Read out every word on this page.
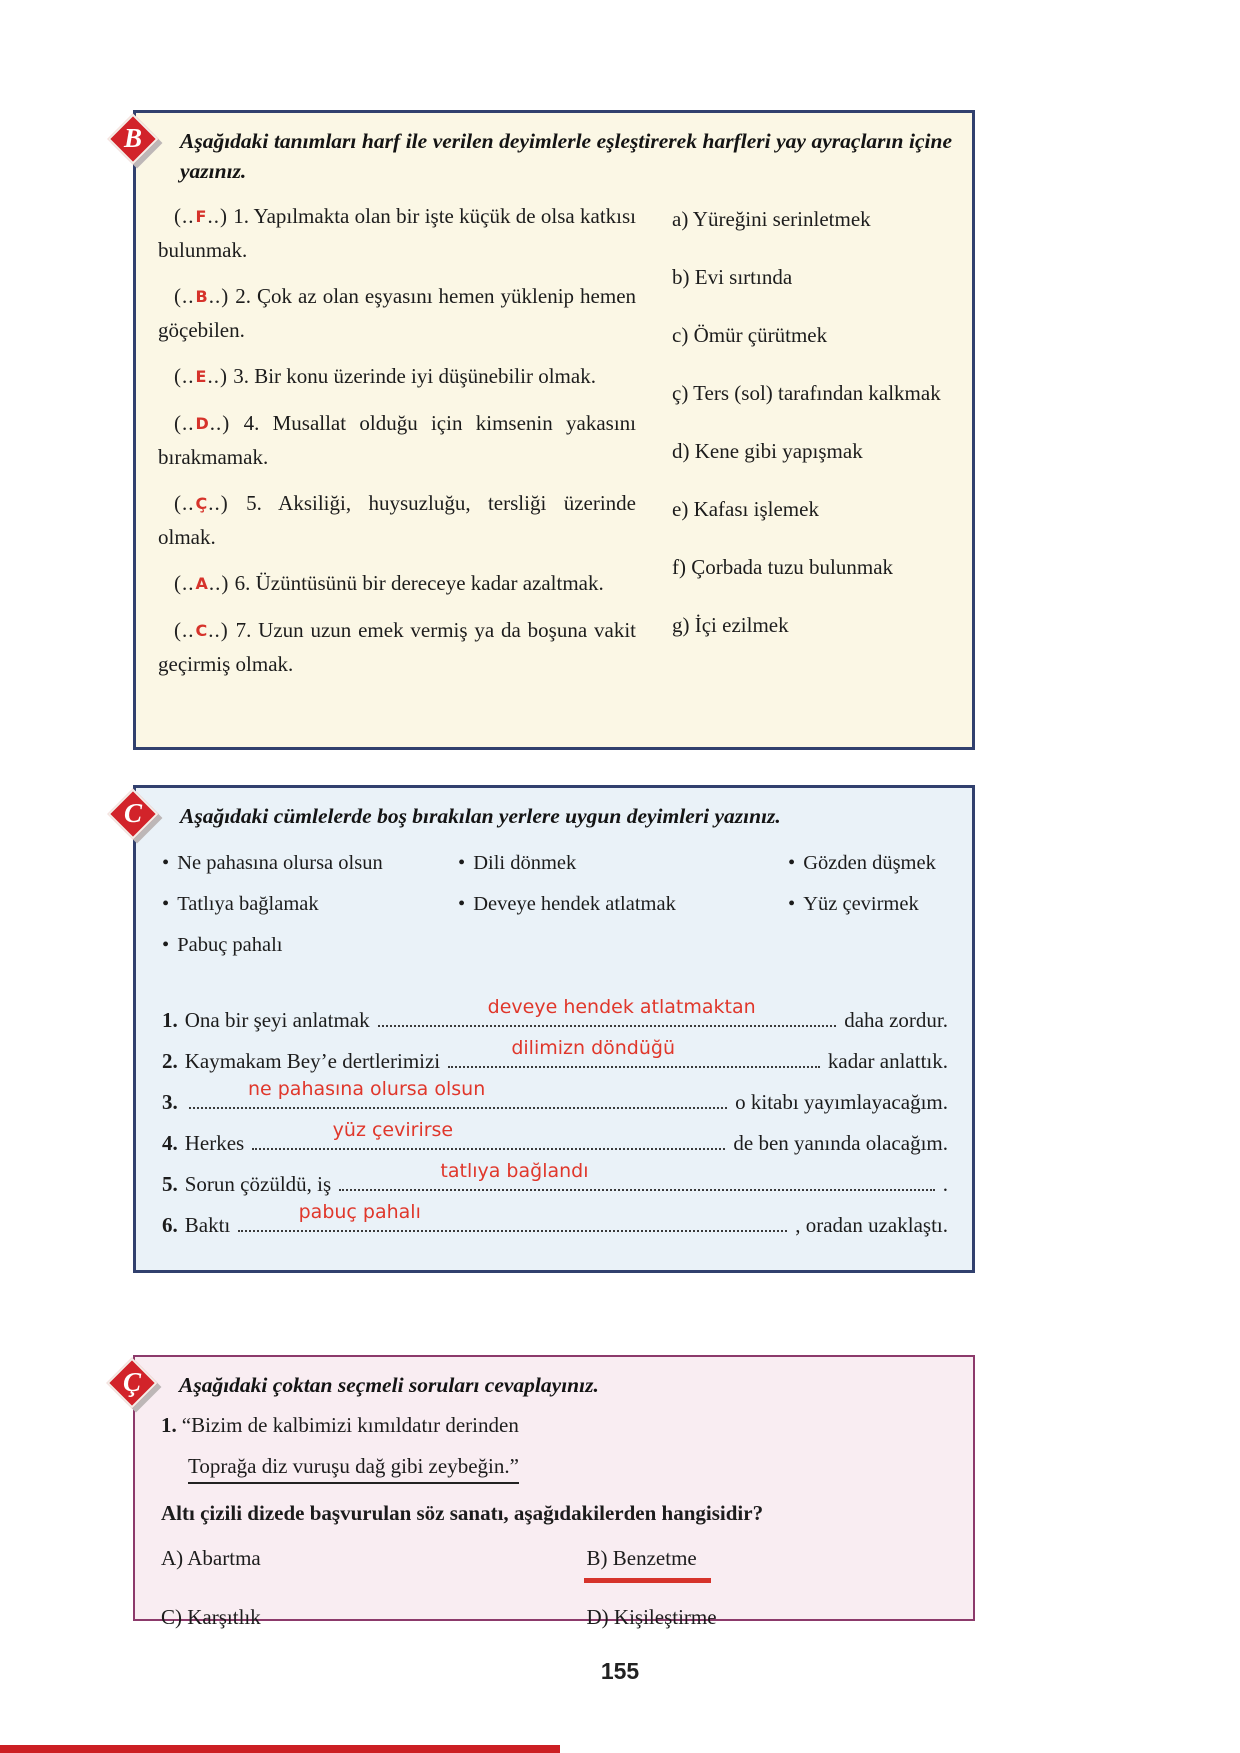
B	Aşağıdaki tanımları harf ile verilen deyimlerle eşleştirerek harfleri yay ayraçların içine yazınız.

(..F..) 1. Yapılmakta olan bir işte küçük de olsa katkısı bulunmak.

(..B..) 2. Çok az olan eşyasını hemen yüklenip hemen göçebilen.

(..E..) 3. Bir konu üzerinde iyi düşünebilir olmak.

(..D..) 4. Musallat olduğu için kimsenin yakasını bırakmamak.

(..Ç..) 5. Aksiliği, huysuzluğu, tersliği üzerinde olmak.

(..A..) 6. Üzüntüsünü bir dereceye kadar azaltmak.

(..C..) 7. Uzun uzun emek vermiş ya da boşuna vakit geçirmiş olmak.

a) Yüreğini serinletmek

b) Evi sırtında

c) Ömür çürütmek

ç) Ters (sol) tarafından kalkmak

d) Kene gibi yapışmak

e) Kafası işlemek

f) Çorbada tuzu bulunmak

g) İçi ezilmek

C	Aşağıdaki cümlelerde boş bırakılan yerlere uygun deyimleri yazınız.
• Ne pahasına olursa olsun	• Dili dönmek	• Gözden düşmek
• Tatlıya bağlamak	• Deveye hendek atlatmak	• Yüz çevirmek
• Pabuç pahalı
1. Ona bir şeyi anlatmak
deveye hendek atlatmaktan
daha zordur.
2. Kaymakam Bey’e dertlerimizi
dilimizn döndüğü
kadar anlattık.
3.
ne pahasına olursa olsun
o kitabı yayımlayacağım.
4. Herkes
yüz çevirirse
de ben yanında olacağım.
5. Sorun çözüldü, iş
tatlıya bağlandı
.
6. Baktı
pabuç pahalı
, oradan uzaklaştı.
Ç	Aşağıdaki çoktan seçmeli soruları cevaplayınız.

1. “Bizim de kalbimizi kımıldatır derinden

Toprağa diz vuruşu dağ gibi zeybeğin.”

Altı çizili dizede başvurulan söz sanatı, aşağıdakilerden hangisidir?

A) Abartma	B) Benzetme
C) Karşıtlık	D) Kişileştirme
155
